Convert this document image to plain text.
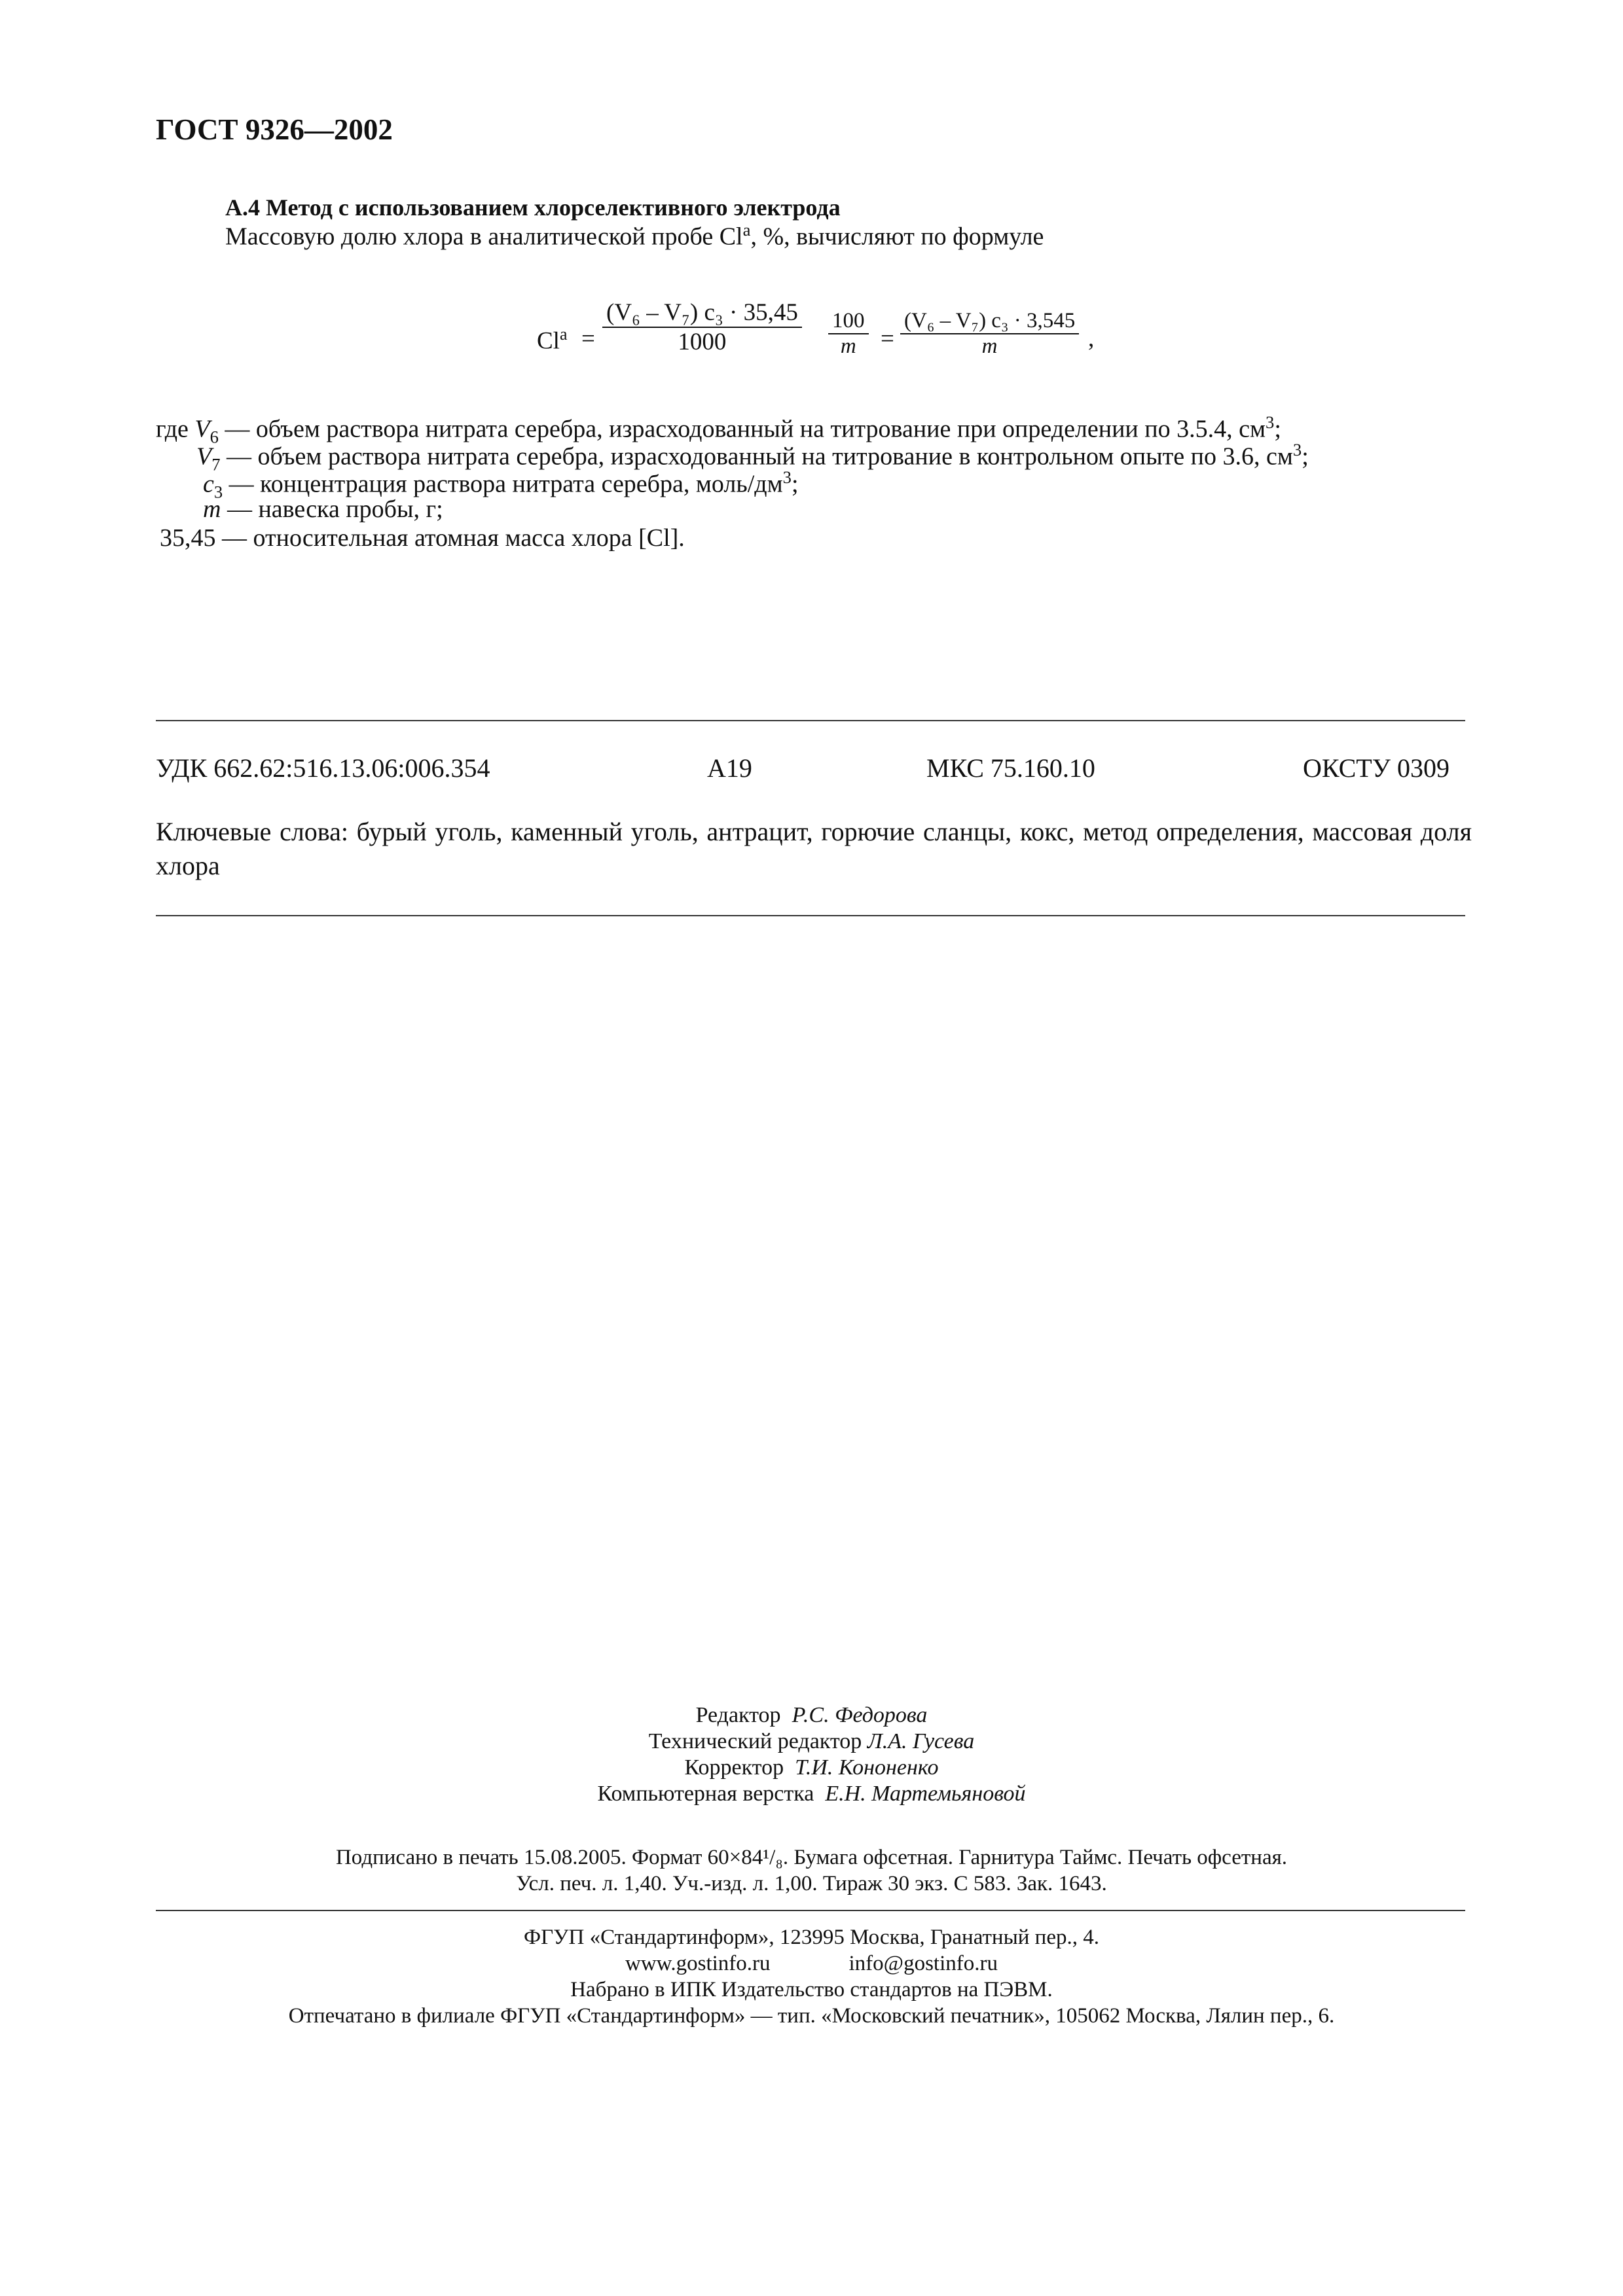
ГОСТ 9326—2002
А.4 Метод с использованием хлорселективного электрода
Массовую долю хлора в аналитической пробе Cl$^a$, %, вычисляют по формуле
$Cl^a = \frac{\text{(V₆ – V₇) c₃ · 35,45}}{1000} \frac{100}{m} = \frac{\text{(V₆ – V₇) c₃ · 3,545}}{m}$ ,
где $V_6$ — объем раствора нитрата серебра, израсходованный на титрование при определении по 3.5.4, $см^3$;
$V_7$ — объем раствора нитрата серебра, израсходованный на титрование в контрольном опыте по 3.6, $см^3$;
$c_3$ — концентрация раствора нитрата серебра, моль/$дм^3$;
m — навеска пробы, г;
35,45 — относительная атомная масса хлора [Cl].
УДК 662.62:516.13.06:006.354	А19	МКС 75.160.10	ОКСТУ 0309
Ключевые слова: бурый уголь, каменный уголь, антрацит, горючие сланцы, кокс, метод определения, массовая доля хлора
Редактор Р.С. Федорова
Технический редактор Л.А. Гусева
Корректор Т.И. Кононенко
Компьютерная верстка Е.Н. Мартемьяновой
Подписано в печать 15.08.2005. Формат 60×84¹/₈. Бумага офсетная. Гарнитура Таймс. Печать офсетная.
Усл. печ. л. 1,40. Уч.-изд. л. 1,00. Тираж 30 экз. С 583. Зак. 1643.
ФГУП «Стандартинформ», 123995 Москва, Гранатный пер., 4.
www.gostinfo.ru	info@gostinfo.ru
Набрано в ИПК Издательство стандартов на ПЭВМ.
Отпечатано в филиале ФГУП «Стандартинформ» — тип. «Московский печатник», 105062 Москва, Лялин пер., 6.
